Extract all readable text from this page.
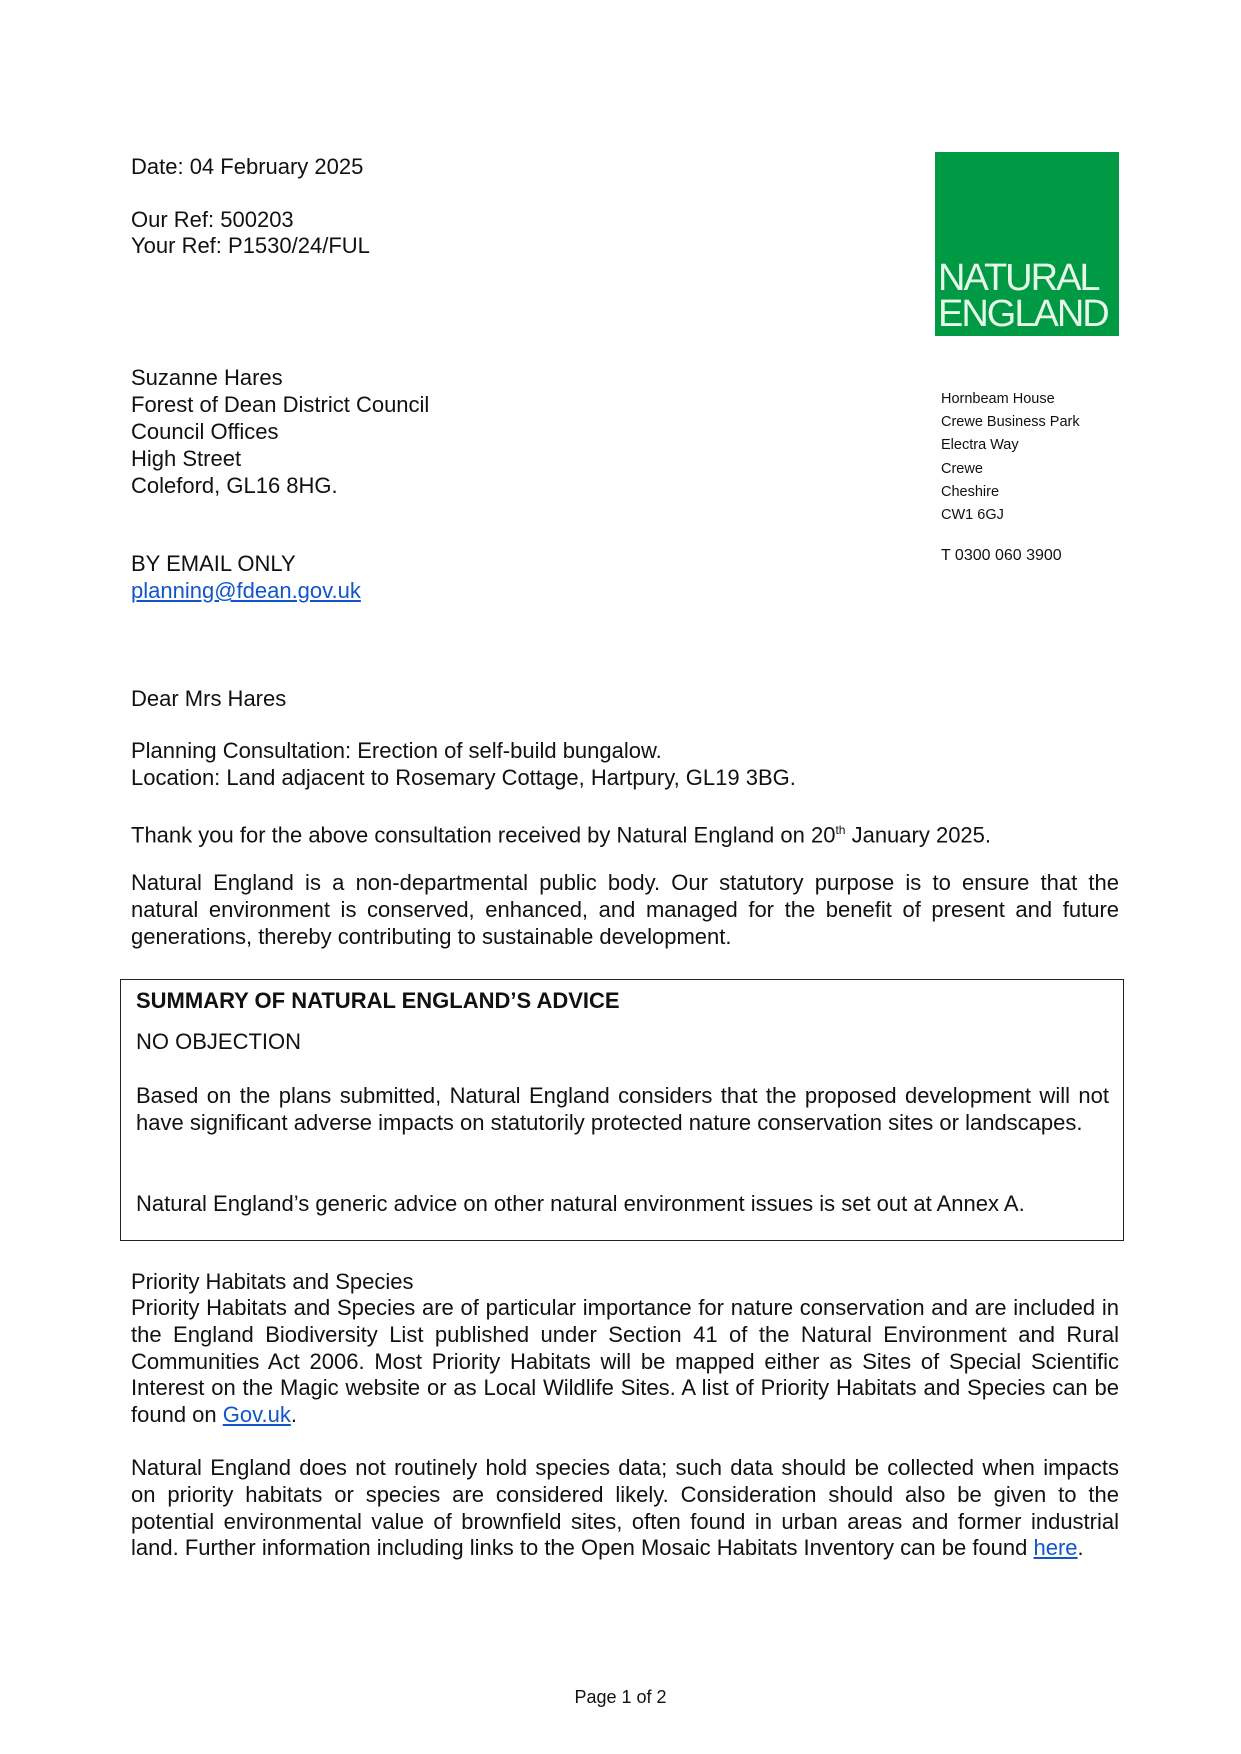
Date: 04 February 2025
Our Ref: 500203
Your Ref: P1530/24/FUL
NATURAL
ENGLAND
Hornbeam House
Crewe Business Park
Electra Way
Crewe
Cheshire
CW1 6GJ
T 0300 060 3900
Suzanne Hares
Forest of Dean District Council
Council Offices
High Street
Coleford, GL16 8HG.
BY EMAIL ONLY
planning@fdean.gov.uk
Dear Mrs Hares
Planning Consultation: Erection of self-build bungalow.
Location: Land adjacent to Rosemary Cottage, Hartpury, GL19 3BG.
Thank you for the above consultation received by Natural England on 20th January 2025.
Natural England is a non-departmental public body. Our statutory purpose is to ensure that the natural environment is conserved, enhanced, and managed for the benefit of present and future generations, thereby contributing to sustainable development.
SUMMARY OF NATURAL ENGLAND’S ADVICE
NO OBJECTION
Based on the plans submitted, Natural England considers that the proposed development will not have significant adverse impacts on statutorily protected nature conservation sites or landscapes.
Natural England’s generic advice on other natural environment issues is set out at Annex A.
Priority Habitats and Species
Priority Habitats and Species are of particular importance for nature conservation and are included in the England Biodiversity List published under Section 41 of the Natural Environment and Rural Communities Act 2006. Most Priority Habitats will be mapped either as Sites of Special Scientific Interest on the Magic website or as Local Wildlife Sites. A list of Priority Habitats and Species can be found on Gov.uk.
Natural England does not routinely hold species data; such data should be collected when impacts on priority habitats or species are considered likely. Consideration should also be given to the potential environmental value of brownfield sites, often found in urban areas and former industrial land. Further information including links to the Open Mosaic Habitats Inventory can be found here.
Page 1 of 2
